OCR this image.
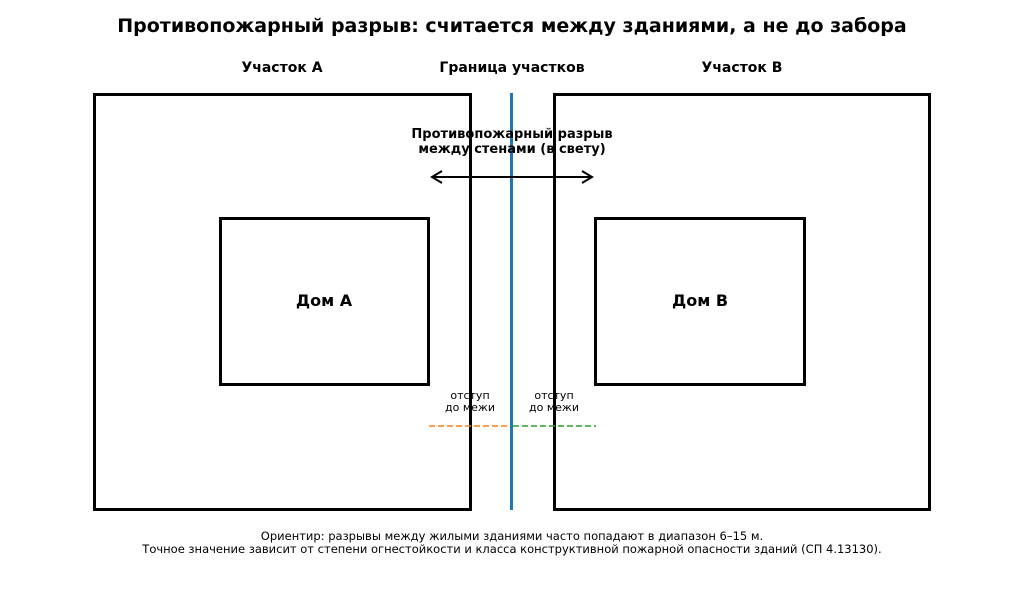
Противопожарный разрыв: считается между зданиями, а не до забора
Участок A	Граница участков	Участок B
Дом A	Дом B
Противопожарный разрыв
между стенами (в свету)
отступ
до межи
отступ
до межи
Ориентир: разрывы между жилыми зданиями часто попадают в диапазон 6–15 м.
Точное значение зависит от степени огнестойкости и класса конструктивной пожарной опасности зданий (СП 4.13130).
